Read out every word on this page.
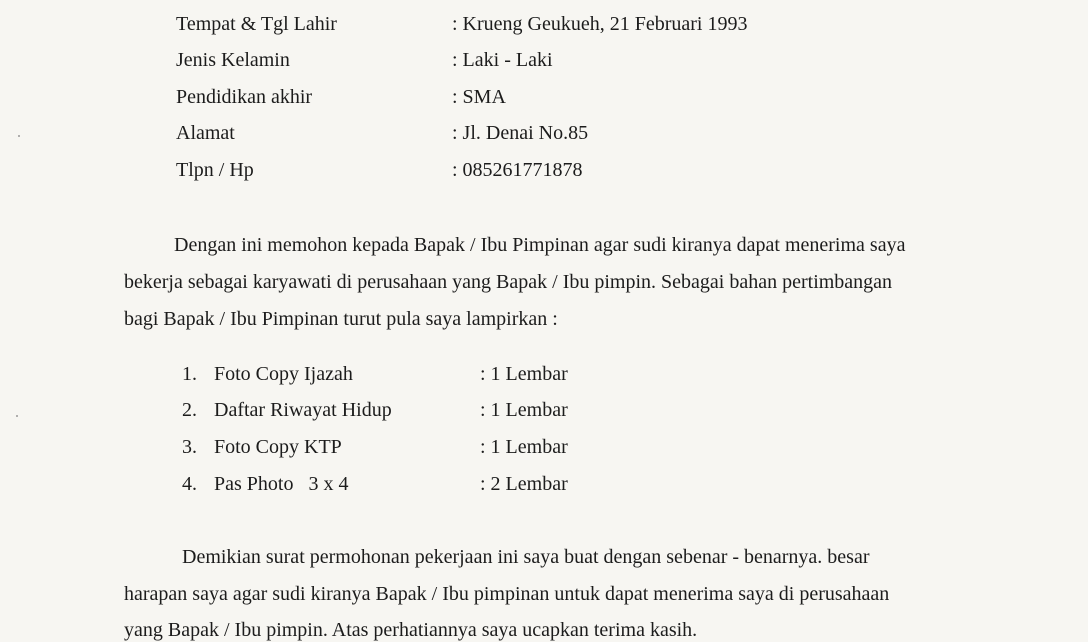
Tempat & Tgl Lahir	: Krueng Geukueh, 21 Februari 1993
Jenis Kelamin	: Laki - Laki
Pendidikan akhir	: SMA
Alamat	: Jl. Denai No.85
Tlpn / Hp	: 085261771878
Dengan ini memohon kepada Bapak / Ibu Pimpinan agar sudi kiranya dapat menerima saya
bekerja sebagai karyawati di perusahaan yang Bapak / Ibu pimpin. Sebagai bahan pertimbangan
bagi Bapak / Ibu Pimpinan turut pula saya lampirkan :
1. Foto Copy Ijazah	: 1 Lembar
2. Daftar Riwayat Hidup	: 1 Lembar
3. Foto Copy KTP	: 1 Lembar
4. Pas Photo   3 x 4	: 2 Lembar
Demikian surat permohonan pekerjaan ini saya buat dengan sebenar - benarnya. besar
harapan saya agar sudi kiranya Bapak / Ibu pimpinan untuk dapat menerima saya di perusahaan
yang Bapak / Ibu pimpin. Atas perhatiannya saya ucapkan terima kasih.
